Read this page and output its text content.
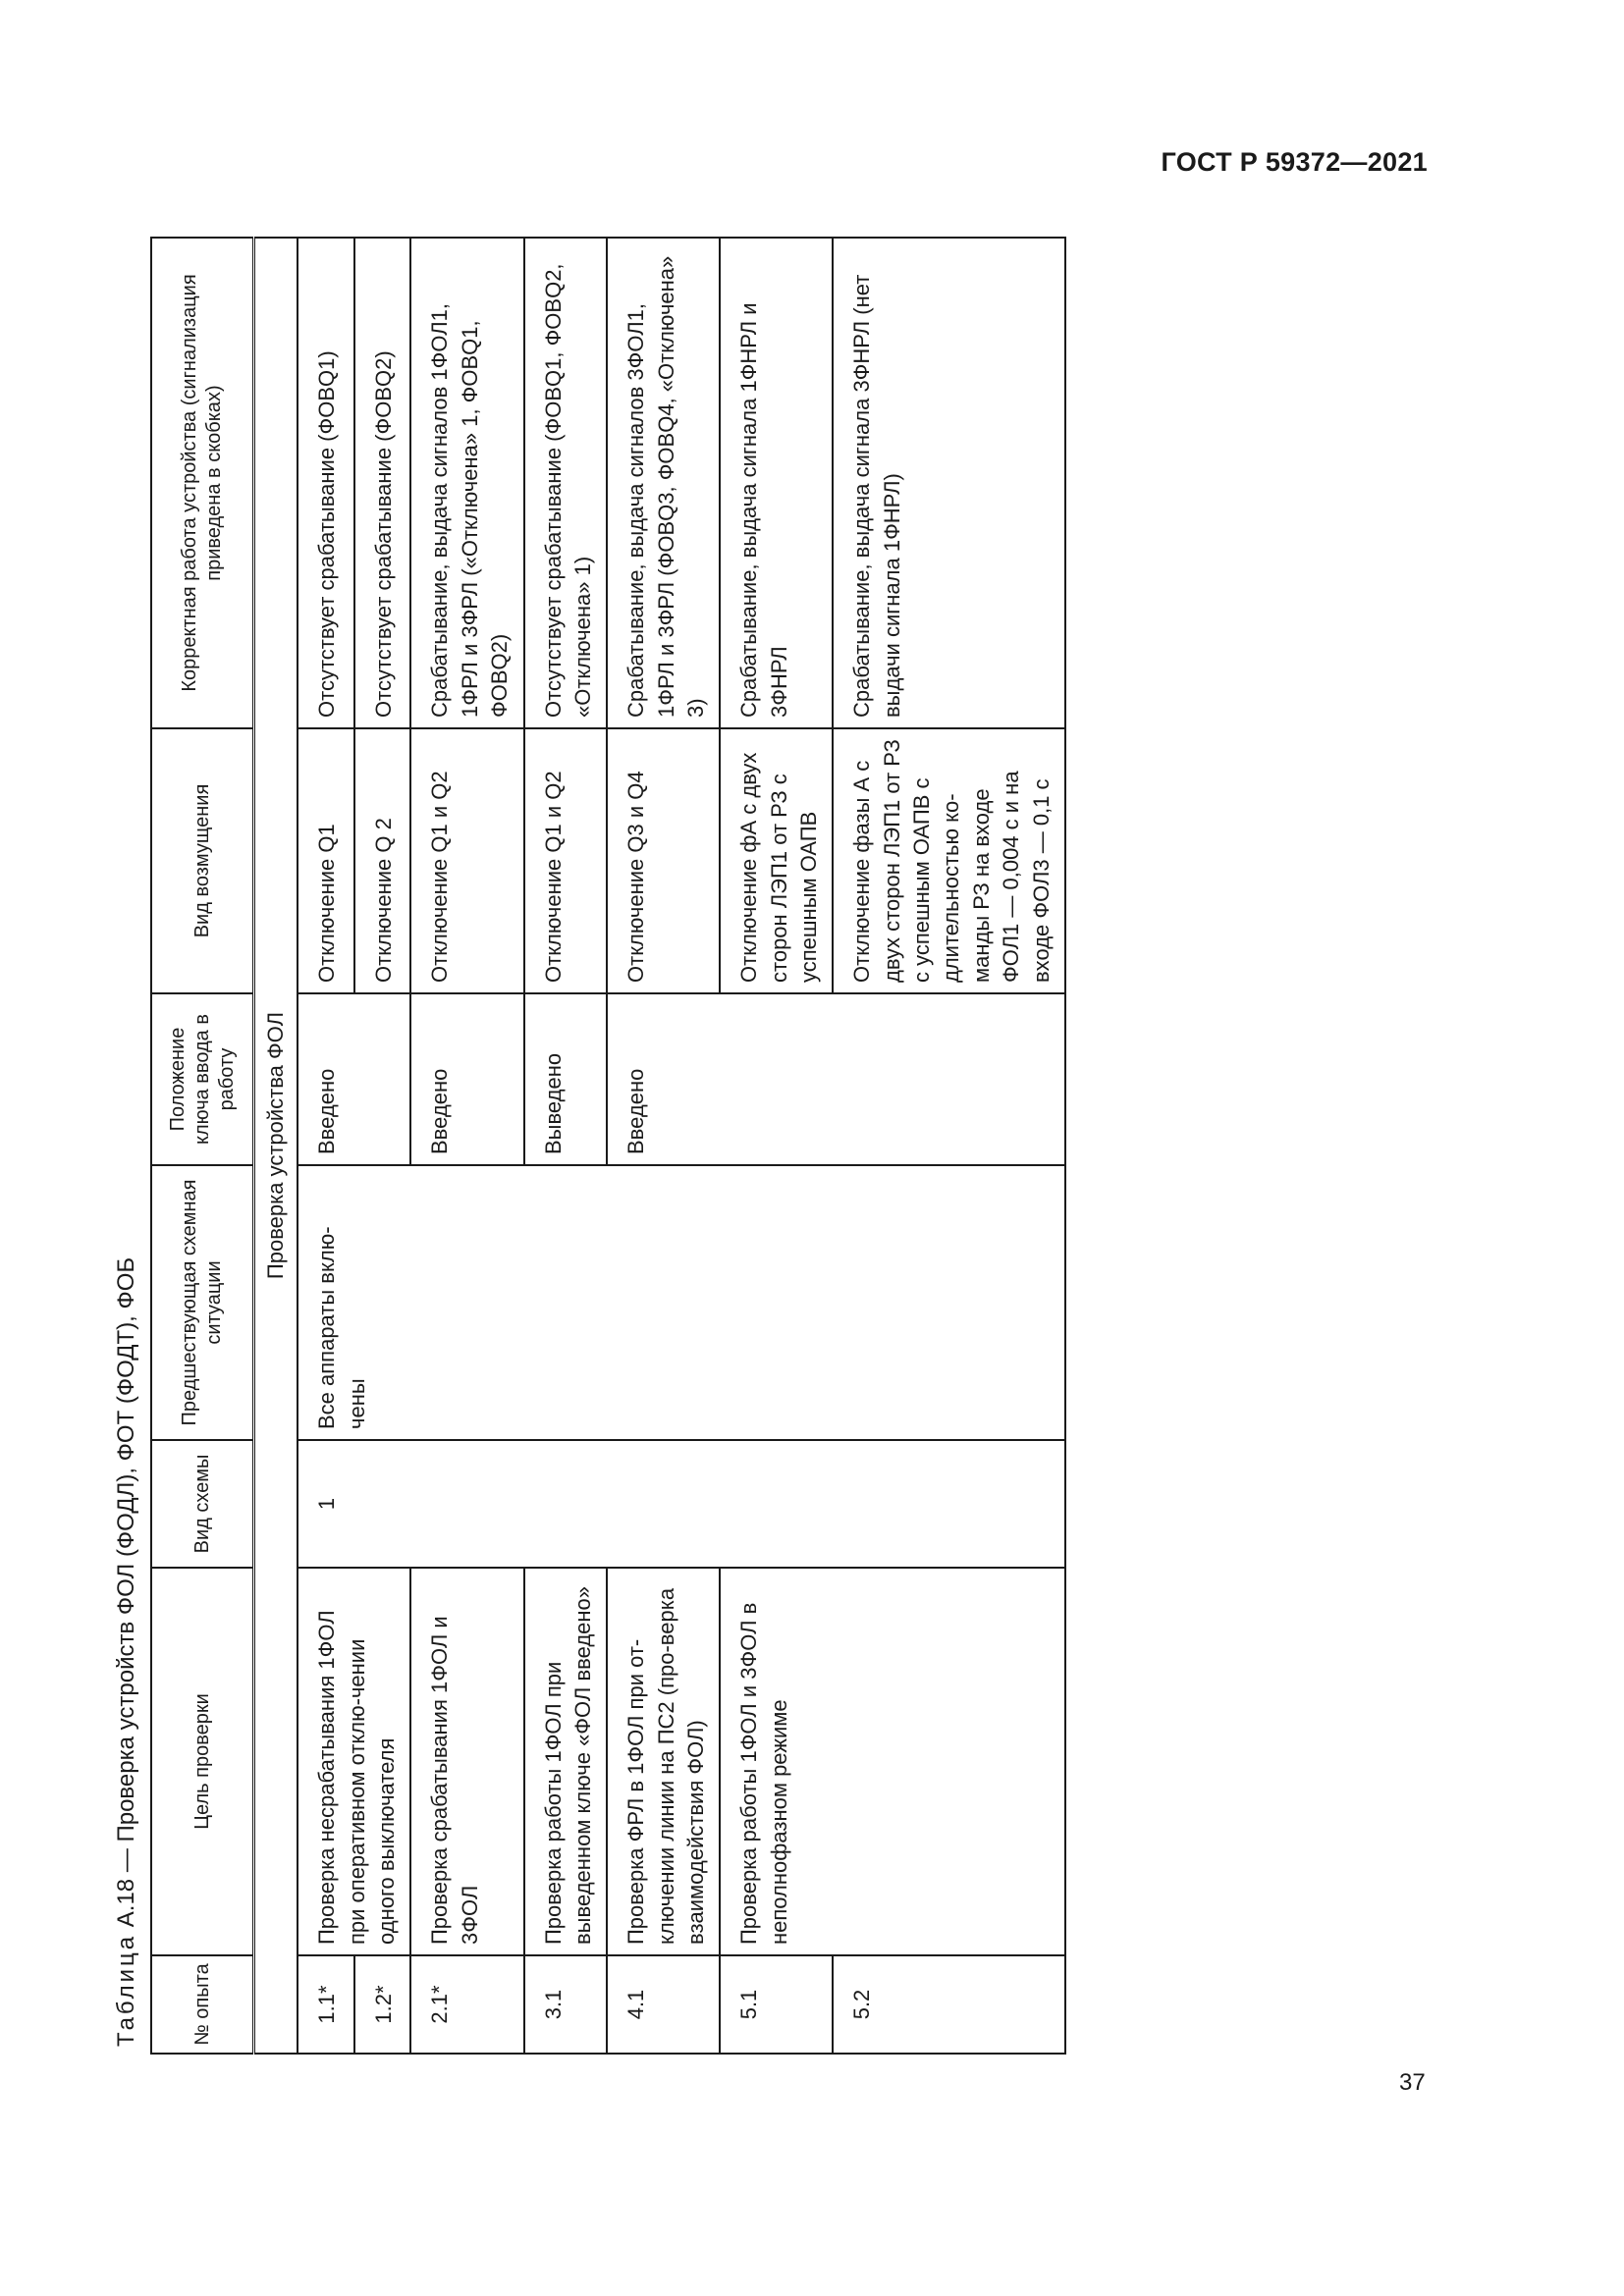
ГОСТ Р 59372—2021
Таблица А.18 — Проверка устройств ФОЛ (ФОДЛ), ФОТ (ФОДТ), ФОБ
№ опыта	Цель проверки	Вид схемы	Предшествующая схемная ситуации	Положение ключа ввода в работу	Вид возмущения	Корректная работа устройства (сигнализация приведена в скобках)
Проверка устройства ФОЛ						
1.1*	Проверка несрабатывания 1ФОЛ при оперативном отклю-чении одного выключателя	1	Все аппараты вклю-чены	Введено	Отключение Q1	Отсутствует срабатывание (ФОВQ1)
1.2*					Отключение Q 2	Отсутствует срабатывание (ФОВQ2)
2.1*	Проверка срабатывания 1ФОЛ и 3ФОЛ			Введено	Отключение Q1 и Q2	Срабатывание, выдача сигналов 1ФОЛ1, 1ФРЛ и 3ФРЛ («Отключена» 1, ФОВQ1, ФОВQ2)
3.1	Проверка работы 1ФОЛ при выведенном ключе «ФОЛ введено»			Выведено	Отключение Q1 и Q2	Отсутствует срабатывание (ФОВQ1, ФОВQ2, «Отключена» 1)
4.1	Проверка ФРЛ в 1ФОЛ при от-ключении линии на ПС2 (про-верка взаимодействия ФОЛ)			Введено	Отключение Q3 и Q4	Срабатывание, выдача сигналов 3ФОЛ1, 1ФРЛ и 3ФРЛ (ФОВQ3, ФОВQ4, «Отключена» 3)
5.1	Проверка работы 1ФОЛ и 3ФОЛ в неполнофазном режиме				Отключение фА с двух сторон ЛЭП1 от РЗ с успешным ОАПВ	Срабатывание, выдача сигнала 1ФНРЛ и 3ФНРЛ
5.2					Отключение фазы А с двух сторон ЛЭП1 от РЗ с успешным ОАПВ с длительностью ко-манды РЗ на входе ФОЛ1 — 0,004 с и на входе ФОЛ3 — 0,1 с	Срабатывание, выдача сигнала 3ФНРЛ (нет выдачи сигнала 1ФНРЛ)
37
